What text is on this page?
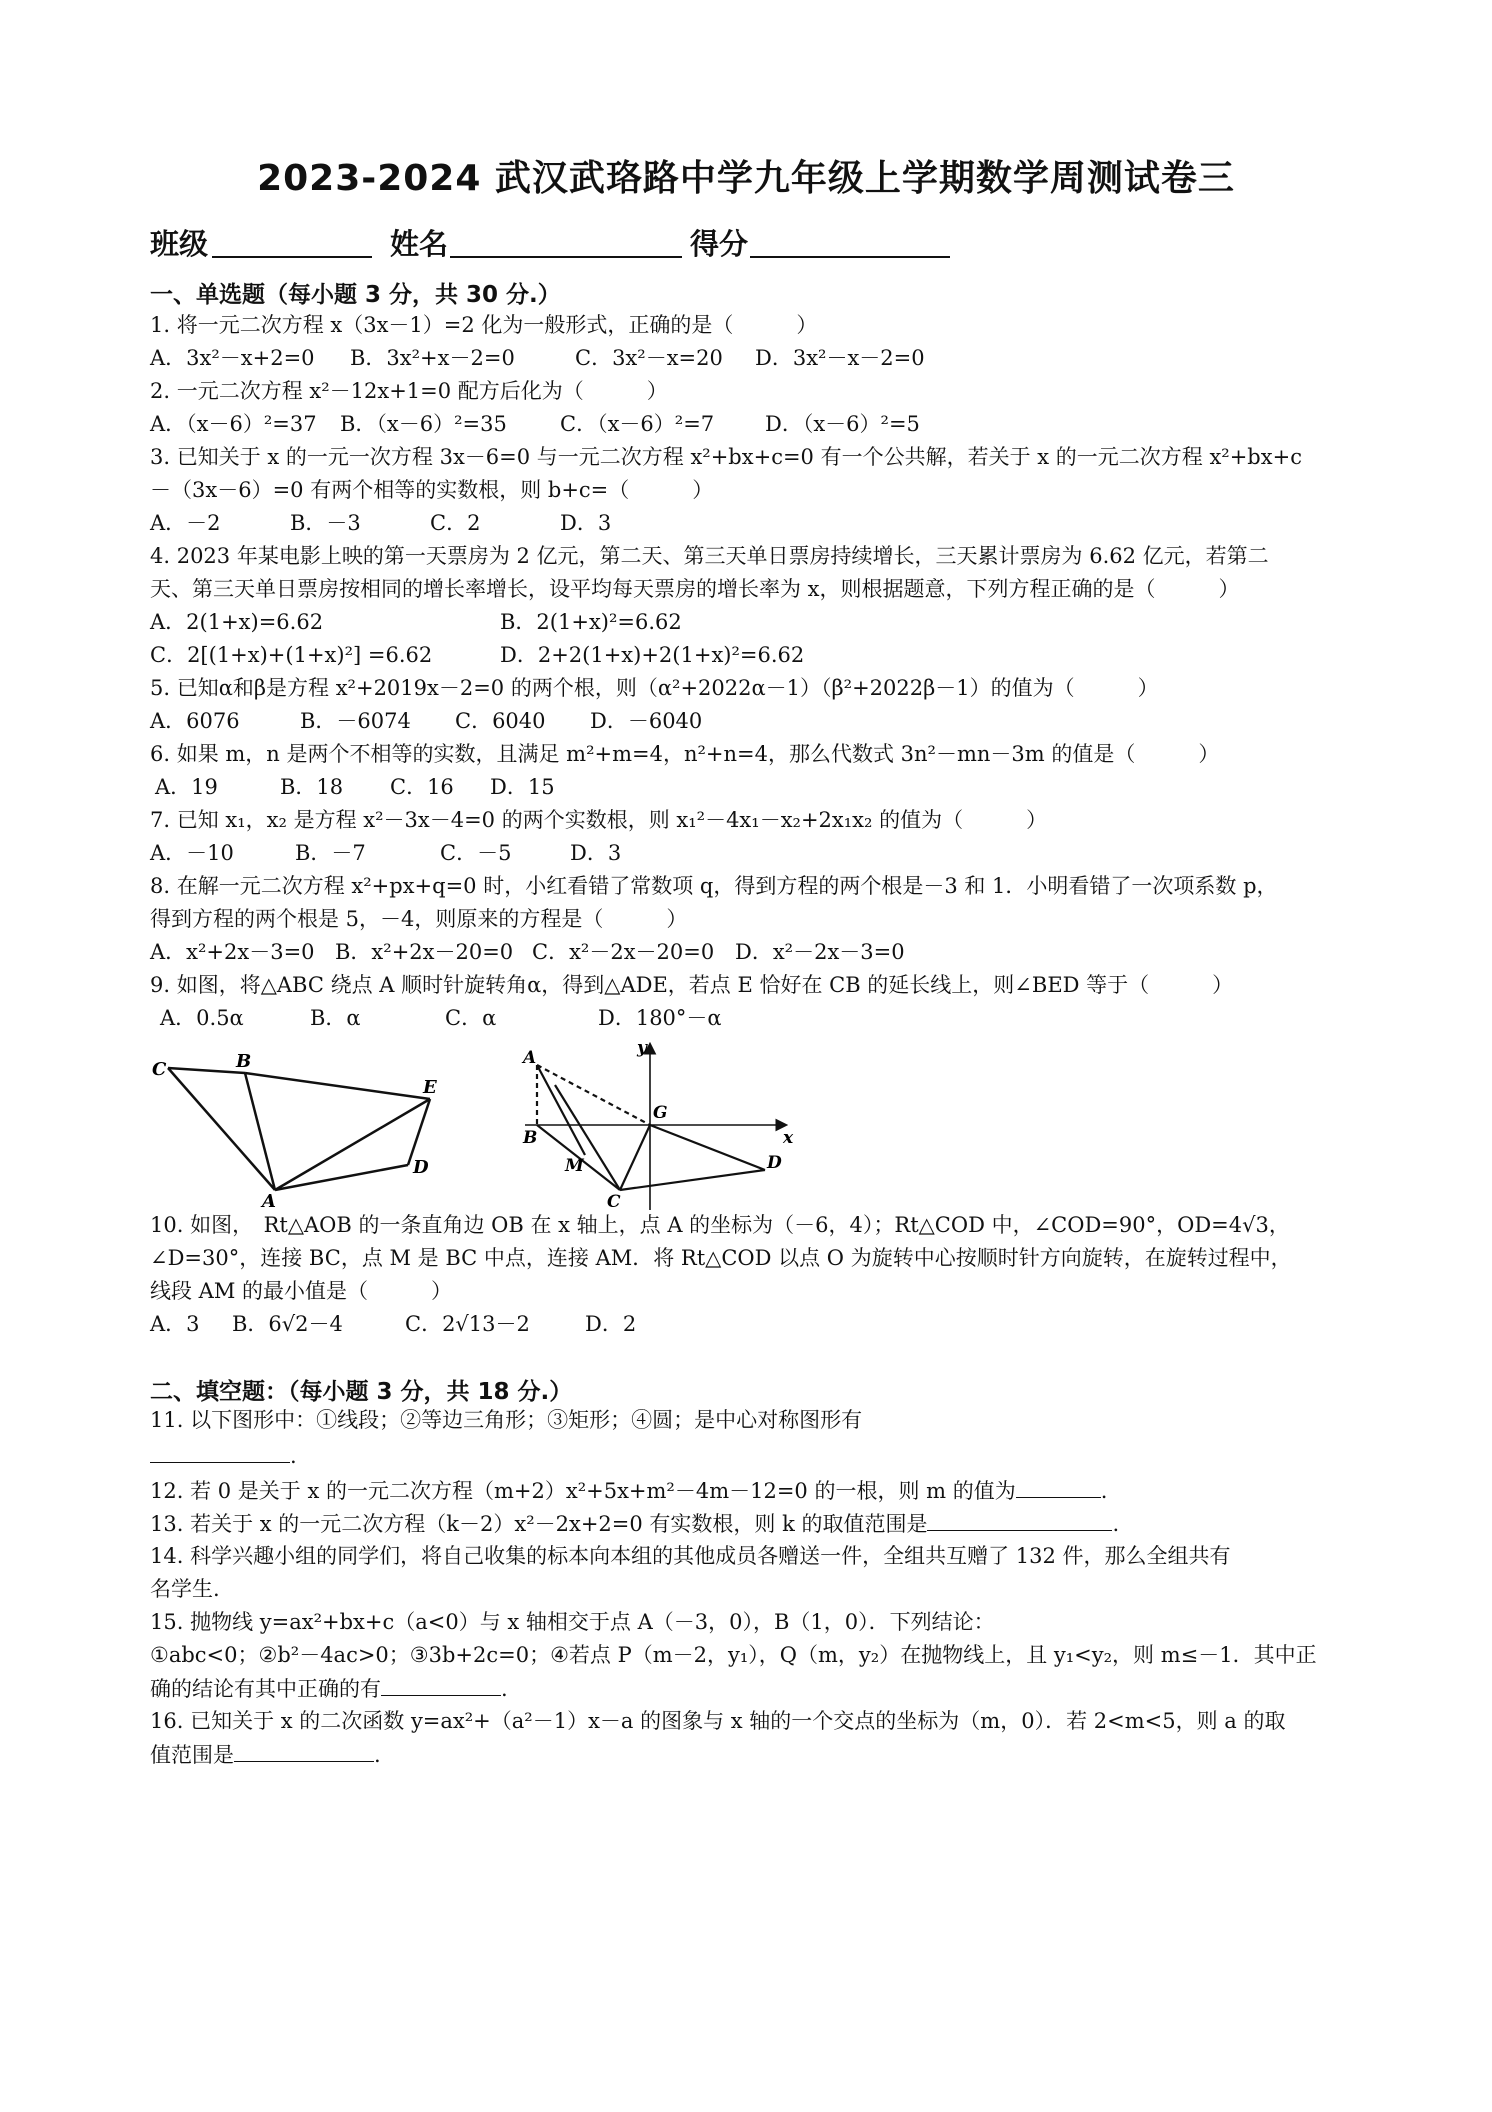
2023-2024 武汉武珞路中学九年级上学期数学周测试卷三
班级	姓名	得分
一、单选题（每小题 3 分，共 30 分.）
1. 将一元二次方程 x（3x－1）=2 化为一般形式，正确的是（　　　）
A．3x²－x+2=0 B．3x²+x－2=0	C．3x²－x=20 D．3x²－x－2=0
2. 一元二次方程 x²－12x+1=0 配方后化为（　　　）
A．（x－6）²=37 B．（x－6）²=35	C．（x－6）²=7 D．（x－6）²=5
3. 已知关于 x 的一元一次方程 3x－6=0 与一元二次方程 x²+bx+c=0 有一个公共解，若关于 x 的一元二次方程 x²+bx+c
－（3x－6）=0 有两个相等的实数根，则 b+c=（　　　）
A．－2	B．－3	C．2	D．3
4. 2023 年某电影上映的第一天票房为 2 亿元，第二天、第三天单日票房持续增长，三天累计票房为 6.62 亿元，若第二
天、第三天单日票房按相同的增长率增长，设平均每天票房的增长率为 x，则根据题意，下列方程正确的是（　　　）
A．2(1+x)=6.62	B．2(1+x)²=6.62
C．2[(1+x)+(1+x)²] =6.62	D．2+2(1+x)+2(1+x)²=6.62
5. 已知α和β是方程 x²+2019x－2=0 的两个根，则（α²+2022α－1）（β²+2022β－1）的值为（　　　）
A．6076	B．－6074 C．6040 D．－6040
6. 如果 m，n 是两个不相等的实数，且满足 m²+m=4，n²+n=4，那么代数式 3n²－mn－3m 的值是（　　　）
A．19	B．18 C．16 D．15
7. 已知 x₁，x₂ 是方程 x²－3x－4=0 的两个实数根，则 x₁²－4x₁－x₂+2x₁x₂ 的值为（　　　）
A．－10	B．－7	C．－5	D．3
8. 在解一元二次方程 x²+px+q=0 时，小红看错了常数项 q，得到方程的两个根是－3 和 1．小明看错了一次项系数 p，
得到方程的两个根是 5，－4，则原来的方程是（　　　）
A．x²+2x－3=0 B．x²+2x－20=0 C．x²－2x－20=0 D．x²－2x－3=0
9. 如图，将△ABC 绕点 A 顺时针旋转角α，得到△ADE，若点 E 恰好在 CB 的延长线上，则∠BED 等于（　　　）
A．0.5α	B．α	C．α	D．180°－α
C	B
E
D
A
A	y
G
B	x
M	D
C
10. 如图，　Rt△AOB 的一条直角边 OB 在 x 轴上，点 A 的坐标为（－6，4）；Rt△COD 中，∠COD=90°，OD=4√3，
∠D=30°，连接 BC，点 M 是 BC 中点，连接 AM．将 Rt△COD 以点 O 为旋转中心按顺时针方向旋转，在旋转过程中，
线段 AM 的最小值是（　　　）
A．3 B．6√2－4	C．2√13－2	D．2
二、填空题：（每小题 3 分，共 18 分.）
11. 以下图形中：①线段；②等边三角形；③矩形；④圆；是中心对称图形有
.
12. 若 0 是关于 x 的一元二次方程（m+2）x²+5x+m²－4m－12=0 的一根，则 m 的值为	.
13. 若关于 x 的一元二次方程（k－2）x²－2x+2=0 有实数根，则 k 的取值范围是	.
14. 科学兴趣小组的同学们，将自己收集的标本向本组的其他成员各赠送一件，全组共互赠了 132 件，那么全组共有
名学生.
15. 抛物线 y=ax²+bx+c（a<0）与 x 轴相交于点 A（－3，0），B（1，0）．下列结论：
①abc<0；②b²－4ac>0；③3b+2c=0；④若点 P（m－2，y₁），Q（m，y₂）在抛物线上，且 y₁<y₂，则 m≤－1．其中正
确的结论有其中正确的有	.
16. 已知关于 x 的二次函数 y=ax²+（a²－1）x－a 的图象与 x 轴的一个交点的坐标为（m，0）．若 2<m<5，则 a 的取
值范围是	.
